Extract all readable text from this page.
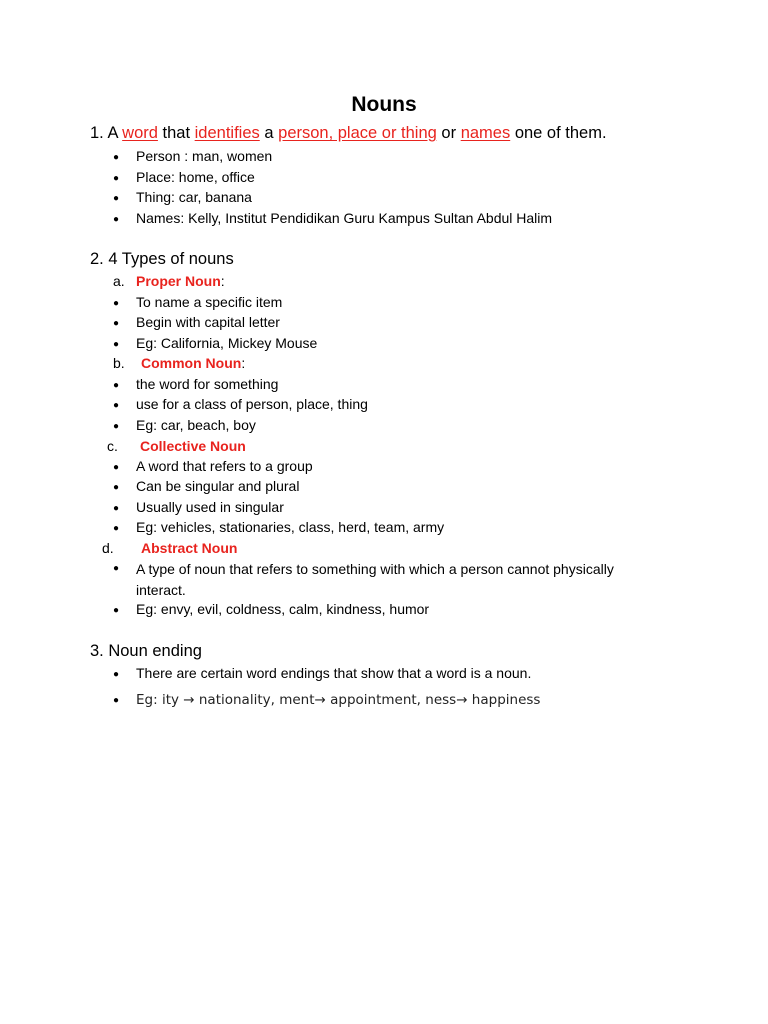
Nouns
1. A word that identifies a person, place or thing or names one of them.
● Person : man, women
● Place: home, office
● Thing: car, banana
● Names: Kelly, Institut Pendidikan Guru Kampus Sultan Abdul Halim
2. 4 Types of nouns
a. Proper Noun:
● To name a specific item
● Begin with capital letter
● Eg: California, Mickey Mouse
b. Common Noun:
● the word for something
● use for a class of person, place, thing
● Eg: car, beach, boy
c. Collective Noun
● A word that refers to a group
● Can be singular and plural
● Usually used in singular
● Eg: vehicles, stationaries, class, herd, team, army
d. Abstract Noun
●	A type of noun that refers to something with which a person cannot physically interact.
● Eg: envy, evil, coldness, calm, kindness, humor
3. Noun ending
● There are certain word endings that show that a word is a noun.
● Eg: ity → nationality, ment→ appointment, ness→ happiness
